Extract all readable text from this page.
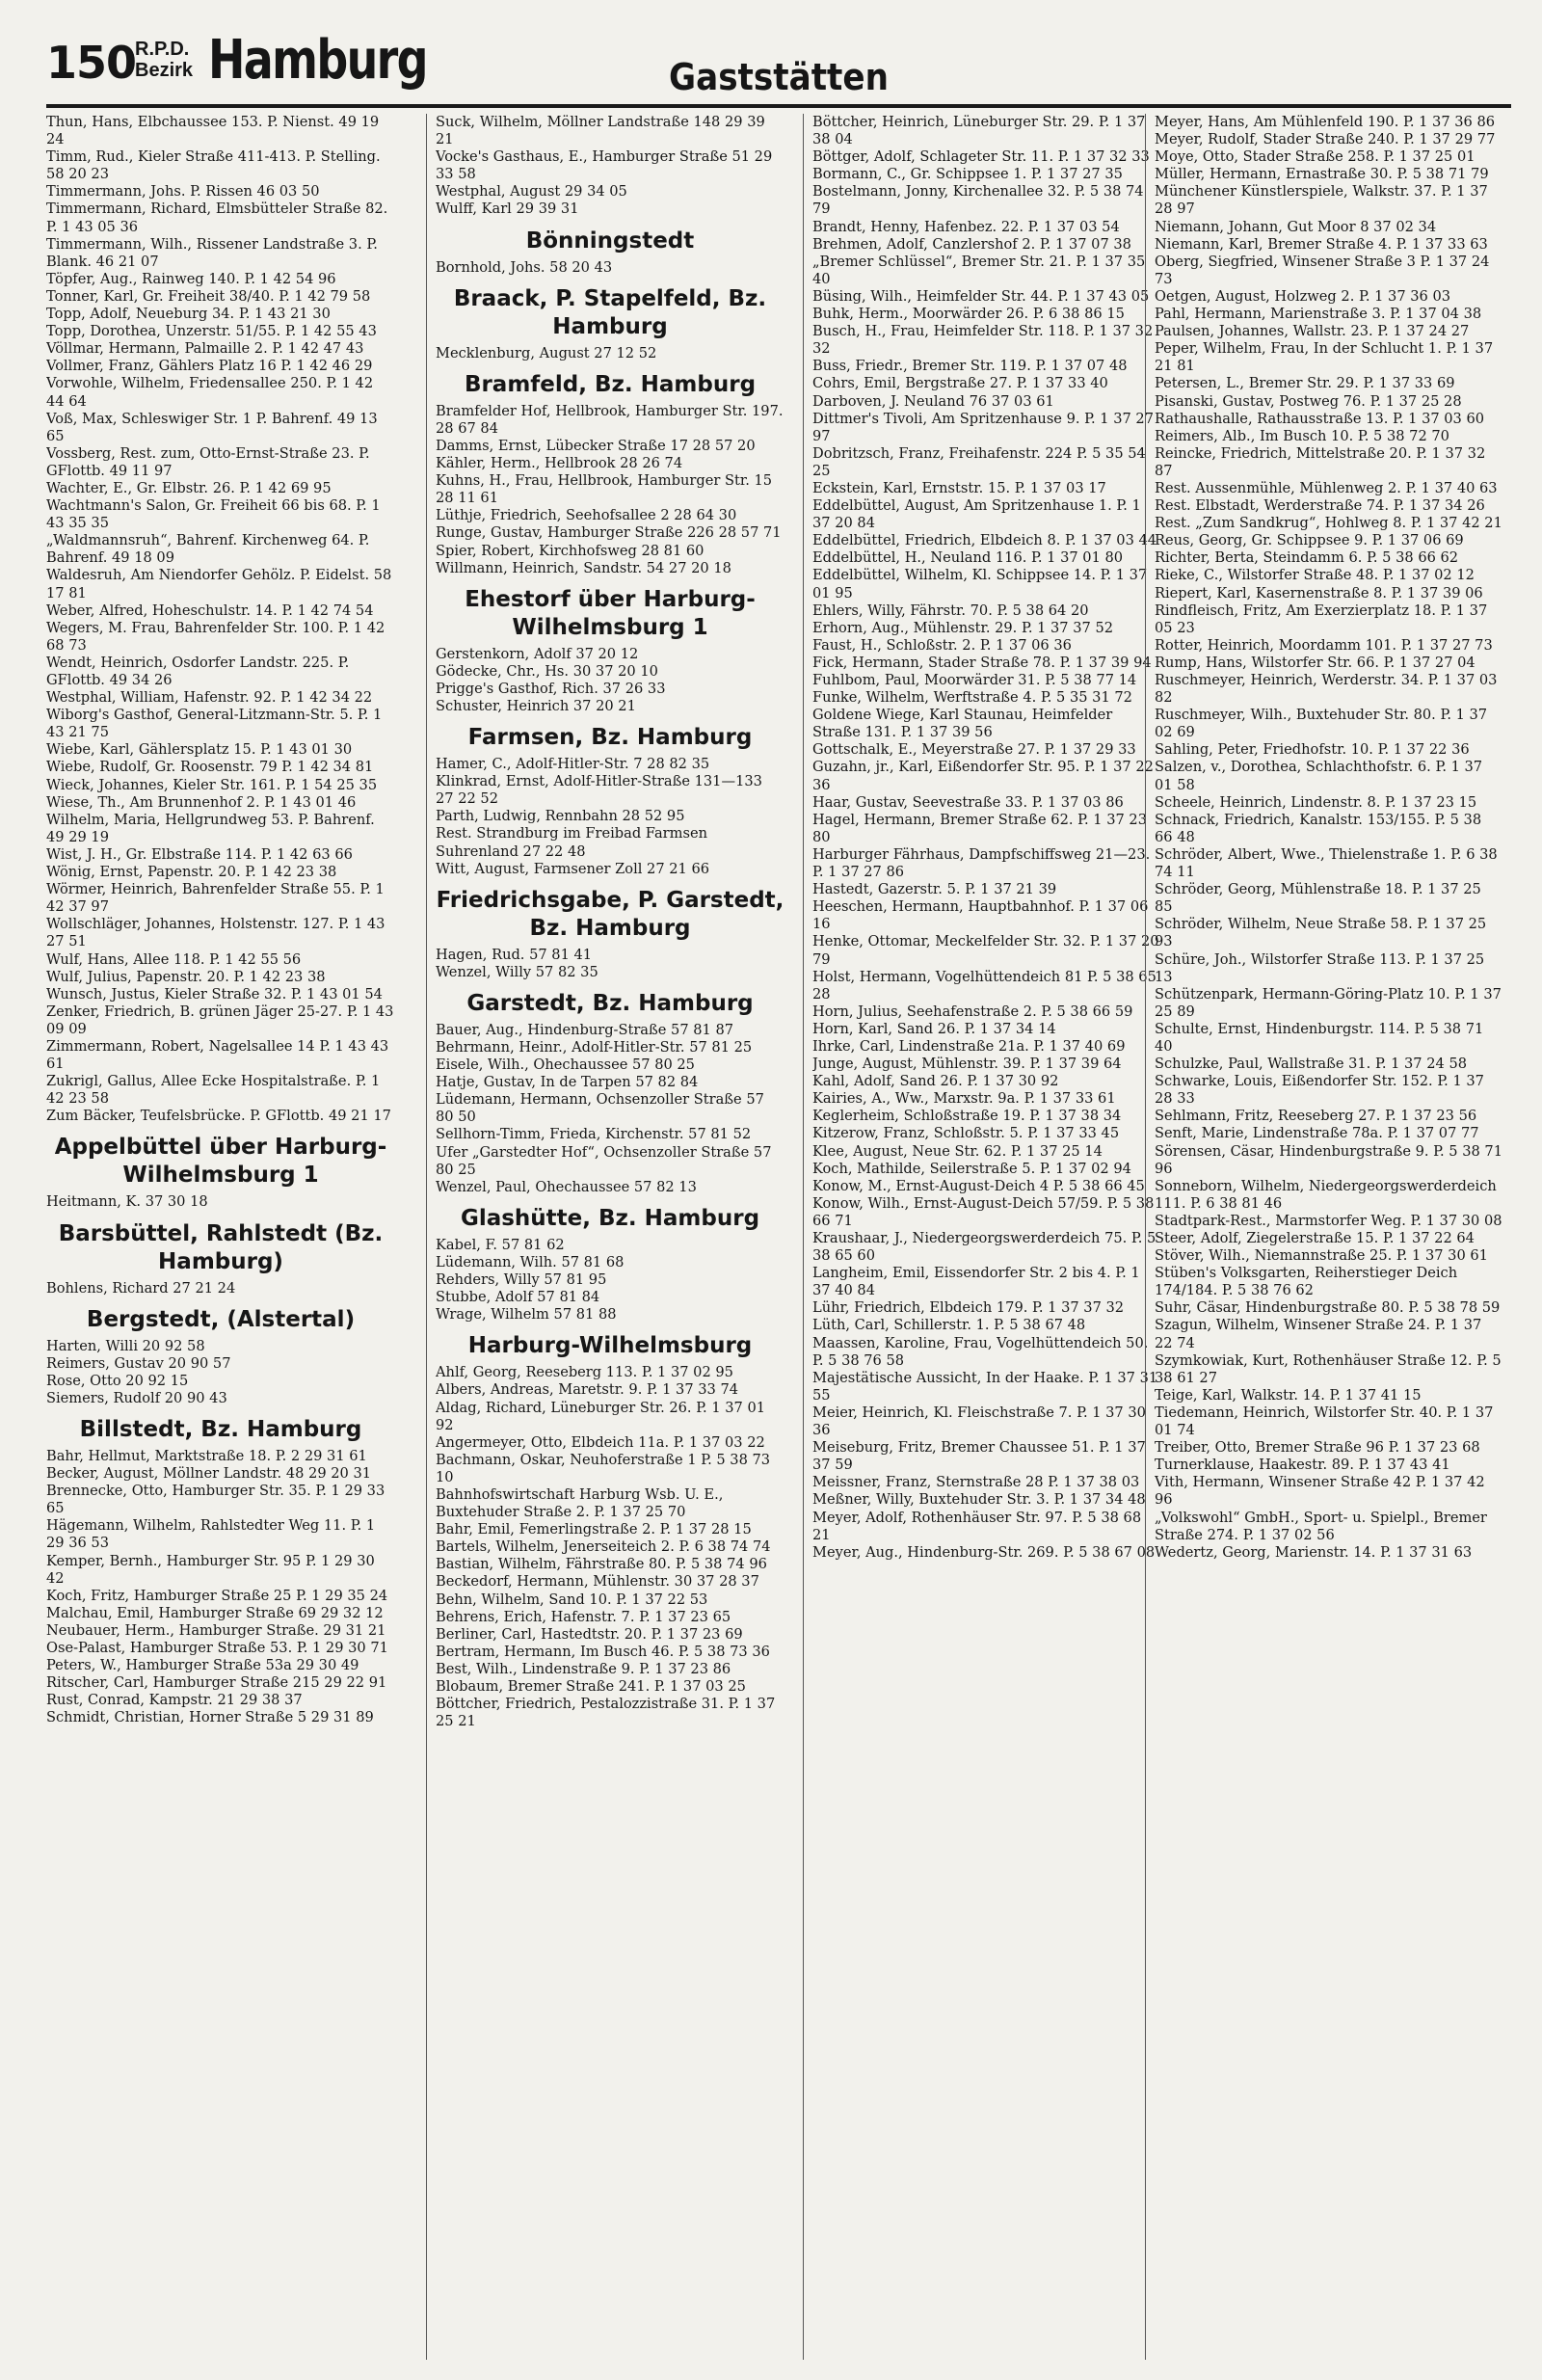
150
R.P.D.
Bezirk Hamburg	Gaststätten

Thun, Hans, Elbchaussee 153. P. Nienst. 49 19 24

Timm, Rud., Kieler Straße 411-413. P. Stelling. 58 20 23

Timmermann, Johs. P. Rissen 46 03 50

Timmermann, Richard, Elmsbütteler Straße 82. P. 1 43 05 36

Timmermann, Wilh., Rissener Landstraße 3. P. Blank. 46 21 07

Töpfer, Aug., Rainweg 140. P. 1 42 54 96

Tonner, Karl, Gr. Freiheit 38/40. P. 1 42 79 58

Topp, Adolf, Neueburg 34. P. 1 43 21 30

Topp, Dorothea, Unzerstr. 51/55. P. 1 42 55 43

Völlmar, Hermann, Palmaille 2. P. 1 42 47 43

Vollmer, Franz, Gählers Platz 16 P. 1 42 46 29

Vorwohle, Wilhelm, Friedensallee 250. P. 1 42 44 64

Voß, Max, Schleswiger Str. 1 P. Bahrenf. 49 13 65

Vossberg, Rest. zum, Otto-Ernst-Straße 23. P. GFlottb. 49 11 97

Wachter, E., Gr. Elbstr. 26. P. 1 42 69 95

Wachtmann's Salon, Gr. Freiheit 66 bis 68. P. 1 43 35 35

„Waldmannsruh“, Bahrenf. Kirchenweg 64. P. Bahrenf. 49 18 09

Waldesruh, Am Niendorfer Gehölz. P. Eidelst. 58 17 81

Weber, Alfred, Hoheschulstr. 14. P. 1 42 74 54

Wegers, M. Frau, Bahrenfelder Str. 100. P. 1 42 68 73

Wendt, Heinrich, Osdorfer Landstr. 225. P. GFlottb. 49 34 26

Westphal, William, Hafenstr. 92. P. 1 42 34 22

Wiborg's Gasthof, General-Litzmann-Str. 5. P. 1 43 21 75

Wiebe, Karl, Gählersplatz 15. P. 1 43 01 30

Wiebe, Rudolf, Gr. Roosenstr. 79 P. 1 42 34 81

Wieck, Johannes, Kieler Str. 161. P. 1 54 25 35

Wiese, Th., Am Brunnenhof 2. P. 1 43 01 46

Wilhelm, Maria, Hellgrundweg 53. P. Bahrenf. 49 29 19

Wist, J. H., Gr. Elbstraße 114. P. 1 42 63 66

Wönig, Ernst, Papenstr. 20. P. 1 42 23 38

Wörmer, Heinrich, Bahrenfelder Straße 55. P. 1 42 37 97

Wollschläger, Johannes, Holstenstr. 127. P. 1 43 27 51

Wulf, Hans, Allee 118. P. 1 42 55 56

Wulf, Julius, Papenstr. 20. P. 1 42 23 38

Wunsch, Justus, Kieler Straße 32. P. 1 43 01 54

Zenker, Friedrich, B. grünen Jäger 25-27. P. 1 43 09 09

Zimmermann, Robert, Nagelsallee 14 P. 1 43 43 61

Zukrigl, Gallus, Allee Ecke Hospitalstraße. P. 1 42 23 58

Zum Bäcker, Teufelsbrücke. P. GFlottb. 49 21 17

Appelbüttel über Harburg-Wilhelmsburg 1

Heitmann, K. 37 30 18

Barsbüttel, Rahlstedt (Bz. Hamburg)

Bohlens, Richard 27 21 24

Bergstedt, (Alstertal)

Harten, Willi 20 92 58

Reimers, Gustav 20 90 57

Rose, Otto 20 92 15

Siemers, Rudolf 20 90 43

Billstedt, Bz. Hamburg

Bahr, Hellmut, Marktstraße 18. P. 2 29 31 61

Becker, August, Möllner Landstr. 48 29 20 31

Brennecke, Otto, Hamburger Str. 35. P. 1 29 33 65

Hägemann, Wilhelm, Rahlstedter Weg 11. P. 1 29 36 53

Kemper, Bernh., Hamburger Str. 95 P. 1 29 30 42

Koch, Fritz, Hamburger Straße 25 P. 1 29 35 24

Malchau, Emil, Hamburger Straße 69 29 32 12

Neubauer, Herm., Hamburger Straße. 29 31 21

Ose-Palast, Hamburger Straße 53. P. 1 29 30 71

Peters, W., Hamburger Straße 53a 29 30 49

Ritscher, Carl, Hamburger Straße 215 29 22 91

Rust, Conrad, Kampstr. 21 29 38 37

Schmidt, Christian, Horner Straße 5 29 31 89

Suck, Wilhelm, Möllner Landstraße 148 29 39 21

Vocke's Gasthaus, E., Hamburger Straße 51 29 33 58

Westphal, August 29 34 05

Wulff, Karl 29 39 31

Bönningstedt

Bornhold, Johs. 58 20 43

Braack, P. Stapelfeld, Bz. Hamburg

Mecklenburg, August 27 12 52

Bramfeld, Bz. Hamburg

Bramfelder Hof, Hellbrook, Hamburger Str. 197. 28 67 84

Damms, Ernst, Lübecker Straße 17 28 57 20

Kähler, Herm., Hellbrook 28 26 74

Kuhns, H., Frau, Hellbrook, Hamburger Str. 15 28 11 61

Lüthje, Friedrich, Seehofsallee 2 28 64 30

Runge, Gustav, Hamburger Straße 226 28 57 71

Spier, Robert, Kirchhofsweg 28 81 60

Willmann, Heinrich, Sandstr. 54 27 20 18

Ehestorf über Harburg-Wilhelmsburg 1

Gerstenkorn, Adolf 37 20 12

Gödecke, Chr., Hs. 30 37 20 10

Prigge's Gasthof, Rich. 37 26 33

Schuster, Heinrich 37 20 21

Farmsen, Bz. Hamburg

Hamer, C., Adolf-Hitler-Str. 7 28 82 35

Klinkrad, Ernst, Adolf-Hitler-Straße 131—133 27 22 52

Parth, Ludwig, Rennbahn 28 52 95

Rest. Strandburg im Freibad Farmsen Suhrenland 27 22 48

Witt, August, Farmsener Zoll 27 21 66

Friedrichsgabe, P. Garstedt, Bz. Hamburg

Hagen, Rud. 57 81 41

Wenzel, Willy 57 82 35

Garstedt, Bz. Hamburg

Bauer, Aug., Hindenburg-Straße 57 81 87

Behrmann, Heinr., Adolf-Hitler-Str. 57 81 25

Eisele, Wilh., Ohechaussee 57 80 25

Hatje, Gustav, In de Tarpen 57 82 84

Lüdemann, Hermann, Ochsenzoller Straße 57 80 50

Sellhorn-Timm, Frieda, Kirchenstr. 57 81 52

Ufer „Garstedter Hof“, Ochsenzoller Straße 57 80 25

Wenzel, Paul, Ohechaussee 57 82 13

Glashütte, Bz. Hamburg

Kabel, F. 57 81 62

Lüdemann, Wilh. 57 81 68

Rehders, Willy 57 81 95

Stubbe, Adolf 57 81 84

Wrage, Wilhelm 57 81 88

Harburg-Wilhelmsburg

Ahlf, Georg, Reeseberg 113. P. 1 37 02 95

Albers, Andreas, Maretstr. 9. P. 1 37 33 74

Aldag, Richard, Lüneburger Str. 26. P. 1 37 01 92

Angermeyer, Otto, Elbdeich 11a. P. 1 37 03 22

Bachmann, Oskar, Neuhoferstraße 1 P. 5 38 73 10

Bahnhofswirtschaft Harburg Wsb. U. E., Buxtehuder Straße 2. P. 1 37 25 70

Bahr, Emil, Femerlingstraße 2. P. 1 37 28 15

Bartels, Wilhelm, Jenerseiteich 2. P. 6 38 74 74

Bastian, Wilhelm, Fährstraße 80. P. 5 38 74 96

Beckedorf, Hermann, Mühlenstr. 30 37 28 37

Behn, Wilhelm, Sand 10. P. 1 37 22 53

Behrens, Erich, Hafenstr. 7. P. 1 37 23 65

Berliner, Carl, Hastedtstr. 20. P. 1 37 23 69

Bertram, Hermann, Im Busch 46. P. 5 38 73 36

Best, Wilh., Lindenstraße 9. P. 1 37 23 86

Blobaum, Bremer Straße 241. P. 1 37 03 25

Böttcher, Friedrich, Pestalozzistraße 31. P. 1 37 25 21

Böttcher, Heinrich, Lüneburger Str. 29. P. 1 37 38 04

Böttger, Adolf, Schlageter Str. 11. P. 1 37 32 33

Bormann, C., Gr. Schippsee 1. P. 1 37 27 35

Bostelmann, Jonny, Kirchenallee 32. P. 5 38 74 79

Brandt, Henny, Hafenbez. 22. P. 1 37 03 54

Brehmen, Adolf, Canzlershof 2. P. 1 37 07 38

„Bremer Schlüssel“, Bremer Str. 21. P. 1 37 35 40

Büsing, Wilh., Heimfelder Str. 44. P. 1 37 43 05

Buhk, Herm., Moorwärder 26. P. 6 38 86 15

Busch, H., Frau, Heimfelder Str. 118. P. 1 37 32 32

Buss, Friedr., Bremer Str. 119. P. 1 37 07 48

Cohrs, Emil, Bergstraße 27. P. 1 37 33 40

Darboven, J. Neuland 76 37 03 61

Dittmer's Tivoli, Am Spritzenhause 9. P. 1 37 27 97

Dobritzsch, Franz, Freihafenstr. 224 P. 5 35 54 25

Eckstein, Karl, Ernststr. 15. P. 1 37 03 17

Eddelbüttel, August, Am Spritzenhause 1. P. 1 37 20 84

Eddelbüttel, Friedrich, Elbdeich 8. P. 1 37 03 44

Eddelbüttel, H., Neuland 116. P. 1 37 01 80

Eddelbüttel, Wilhelm, Kl. Schippsee 14. P. 1 37 01 95

Ehlers, Willy, Fährstr. 70. P. 5 38 64 20

Erhorn, Aug., Mühlenstr. 29. P. 1 37 37 52

Faust, H., Schloßstr. 2. P. 1 37 06 36

Fick, Hermann, Stader Straße 78. P. 1 37 39 94

Fuhlbom, Paul, Moorwärder 31. P. 5 38 77 14

Funke, Wilhelm, Werftstraße 4. P. 5 35 31 72

Goldene Wiege, Karl Staunau, Heimfelder Straße 131. P. 1 37 39 56

Gottschalk, E., Meyerstraße 27. P. 1 37 29 33

Guzahn, jr., Karl, Eißendorfer Str. 95. P. 1 37 22 36

Haar, Gustav, Seevestraße 33. P. 1 37 03 86

Hagel, Hermann, Bremer Straße 62. P. 1 37 23 80

Harburger Fährhaus, Dampfschiffsweg 21—23. P. 1 37 27 86

Hastedt, Gazerstr. 5. P. 1 37 21 39

Heeschen, Hermann, Hauptbahnhof. P. 1 37 06 16

Henke, Ottomar, Meckelfelder Str. 32. P. 1 37 20 79

Holst, Hermann, Vogelhüttendeich 81 P. 5 38 65 28

Horn, Julius, Seehafenstraße 2. P. 5 38 66 59

Horn, Karl, Sand 26. P. 1 37 34 14

Ihrke, Carl, Lindenstraße 21a. P. 1 37 40 69

Junge, August, Mühlenstr. 39. P. 1 37 39 64

Kahl, Adolf, Sand 26. P. 1 37 30 92

Kairies, A., Ww., Marxstr. 9a. P. 1 37 33 61

Keglerheim, Schloßstraße 19. P. 1 37 38 34

Kitzerow, Franz, Schloßstr. 5. P. 1 37 33 45

Klee, August, Neue Str. 62. P. 1 37 25 14

Koch, Mathilde, Seilerstraße 5. P. 1 37 02 94

Konow, M., Ernst-August-Deich 4 P. 5 38 66 45

Konow, Wilh., Ernst-August-Deich 57/59. P. 5 38 66 71

Kraushaar, J., Niedergeorgswerderdeich 75. P. 5 38 65 60

Langheim, Emil, Eissendorfer Str. 2 bis 4. P. 1 37 40 84

Lühr, Friedrich, Elbdeich 179. P. 1 37 37 32

Lüth, Carl, Schillerstr. 1. P. 5 38 67 48

Maassen, Karoline, Frau, Vogelhüttendeich 50. P. 5 38 76 58

Majestätische Aussicht, In der Haake. P. 1 37 31 55

Meier, Heinrich, Kl. Fleischstraße 7. P. 1 37 30 36

Meiseburg, Fritz, Bremer Chaussee 51. P. 1 37 37 59

Meissner, Franz, Sternstraße 28 P. 1 37 38 03

Meßner, Willy, Buxtehuder Str. 3. P. 1 37 34 48

Meyer, Adolf, Rothenhäuser Str. 97. P. 5 38 68 21

Meyer, Aug., Hindenburg-Str. 269. P. 5 38 67 08

Meyer, Hans, Am Mühlenfeld 190. P. 1 37 36 86

Meyer, Rudolf, Stader Straße 240. P. 1 37 29 77

Moye, Otto, Stader Straße 258. P. 1 37 25 01

Müller, Hermann, Ernastraße 30. P. 5 38 71 79

Münchener Künstlerspiele, Walkstr. 37. P. 1 37 28 97

Niemann, Johann, Gut Moor 8 37 02 34

Niemann, Karl, Bremer Straße 4. P. 1 37 33 63

Oberg, Siegfried, Winsener Straße 3 P. 1 37 24 73

Oetgen, August, Holzweg 2. P. 1 37 36 03

Pahl, Hermann, Marienstraße 3. P. 1 37 04 38

Paulsen, Johannes, Wallstr. 23. P. 1 37 24 27

Peper, Wilhelm, Frau, In der Schlucht 1. P. 1 37 21 81

Petersen, L., Bremer Str. 29. P. 1 37 33 69

Pisanski, Gustav, Postweg 76. P. 1 37 25 28

Rathaushalle, Rathausstraße 13. P. 1 37 03 60

Reimers, Alb., Im Busch 10. P. 5 38 72 70

Reincke, Friedrich, Mittelstraße 20. P. 1 37 32 87

Rest. Aussenmühle, Mühlenweg 2. P. 1 37 40 63

Rest. Elbstadt, Werderstraße 74. P. 1 37 34 26

Rest. „Zum Sandkrug“, Hohlweg 8. P. 1 37 42 21

Reus, Georg, Gr. Schippsee 9. P. 1 37 06 69

Richter, Berta, Steindamm 6. P. 5 38 66 62

Rieke, C., Wilstorfer Straße 48. P. 1 37 02 12

Riepert, Karl, Kasernenstraße 8. P. 1 37 39 06

Rindfleisch, Fritz, Am Exerzierplatz 18. P. 1 37 05 23

Rotter, Heinrich, Moordamm 101. P. 1 37 27 73

Rump, Hans, Wilstorfer Str. 66. P. 1 37 27 04

Ruschmeyer, Heinrich, Werderstr. 34. P. 1 37 03 82

Ruschmeyer, Wilh., Buxtehuder Str. 80. P. 1 37 02 69

Sahling, Peter, Friedhofstr. 10. P. 1 37 22 36

Salzen, v., Dorothea, Schlachthofstr. 6. P. 1 37 01 58

Scheele, Heinrich, Lindenstr. 8. P. 1 37 23 15

Schnack, Friedrich, Kanalstr. 153/155. P. 5 38 66 48

Schröder, Albert, Wwe., Thielenstraße 1. P. 6 38 74 11

Schröder, Georg, Mühlenstraße 18. P. 1 37 25 85

Schröder, Wilhelm, Neue Straße 58. P. 1 37 25 93

Schüre, Joh., Wilstorfer Straße 113. P. 1 37 25 13

Schützenpark, Hermann-Göring-Platz 10. P. 1 37 25 89

Schulte, Ernst, Hindenburgstr. 114. P. 5 38 71 40

Schulzke, Paul, Wallstraße 31. P. 1 37 24 58

Schwarke, Louis, Eißendorfer Str. 152. P. 1 37 28 33

Sehlmann, Fritz, Reeseberg 27. P. 1 37 23 56

Senft, Marie, Lindenstraße 78a. P. 1 37 07 77

Sörensen, Cäsar, Hindenburgstraße 9. P. 5 38 71 96

Sonneborn, Wilhelm, Niedergeorgswerderdeich 111. P. 6 38 81 46

Stadtpark-Rest., Marmstorfer Weg. P. 1 37 30 08

Steer, Adolf, Ziegelerstraße 15. P. 1 37 22 64

Stöver, Wilh., Niemannstraße 25. P. 1 37 30 61

Stüben's Volksgarten, Reiherstieger Deich 174/184. P. 5 38 76 62

Suhr, Cäsar, Hindenburgstraße 80. P. 5 38 78 59

Szagun, Wilhelm, Winsener Straße 24. P. 1 37 22 74

Szymkowiak, Kurt, Rothenhäuser Straße 12. P. 5 38 61 27

Teige, Karl, Walkstr. 14. P. 1 37 41 15

Tiedemann, Heinrich, Wilstorfer Str. 40. P. 1 37 01 74

Treiber, Otto, Bremer Straße 96 P. 1 37 23 68

Turnerklause, Haakestr. 89. P. 1 37 43 41

Vith, Hermann, Winsener Straße 42 P. 1 37 42 96

„Volkswohl“ GmbH., Sport- u. Spielpl., Bremer Straße 274. P. 1 37 02 56

Wedertz, Georg, Marienstr. 14. P. 1 37 31 63
